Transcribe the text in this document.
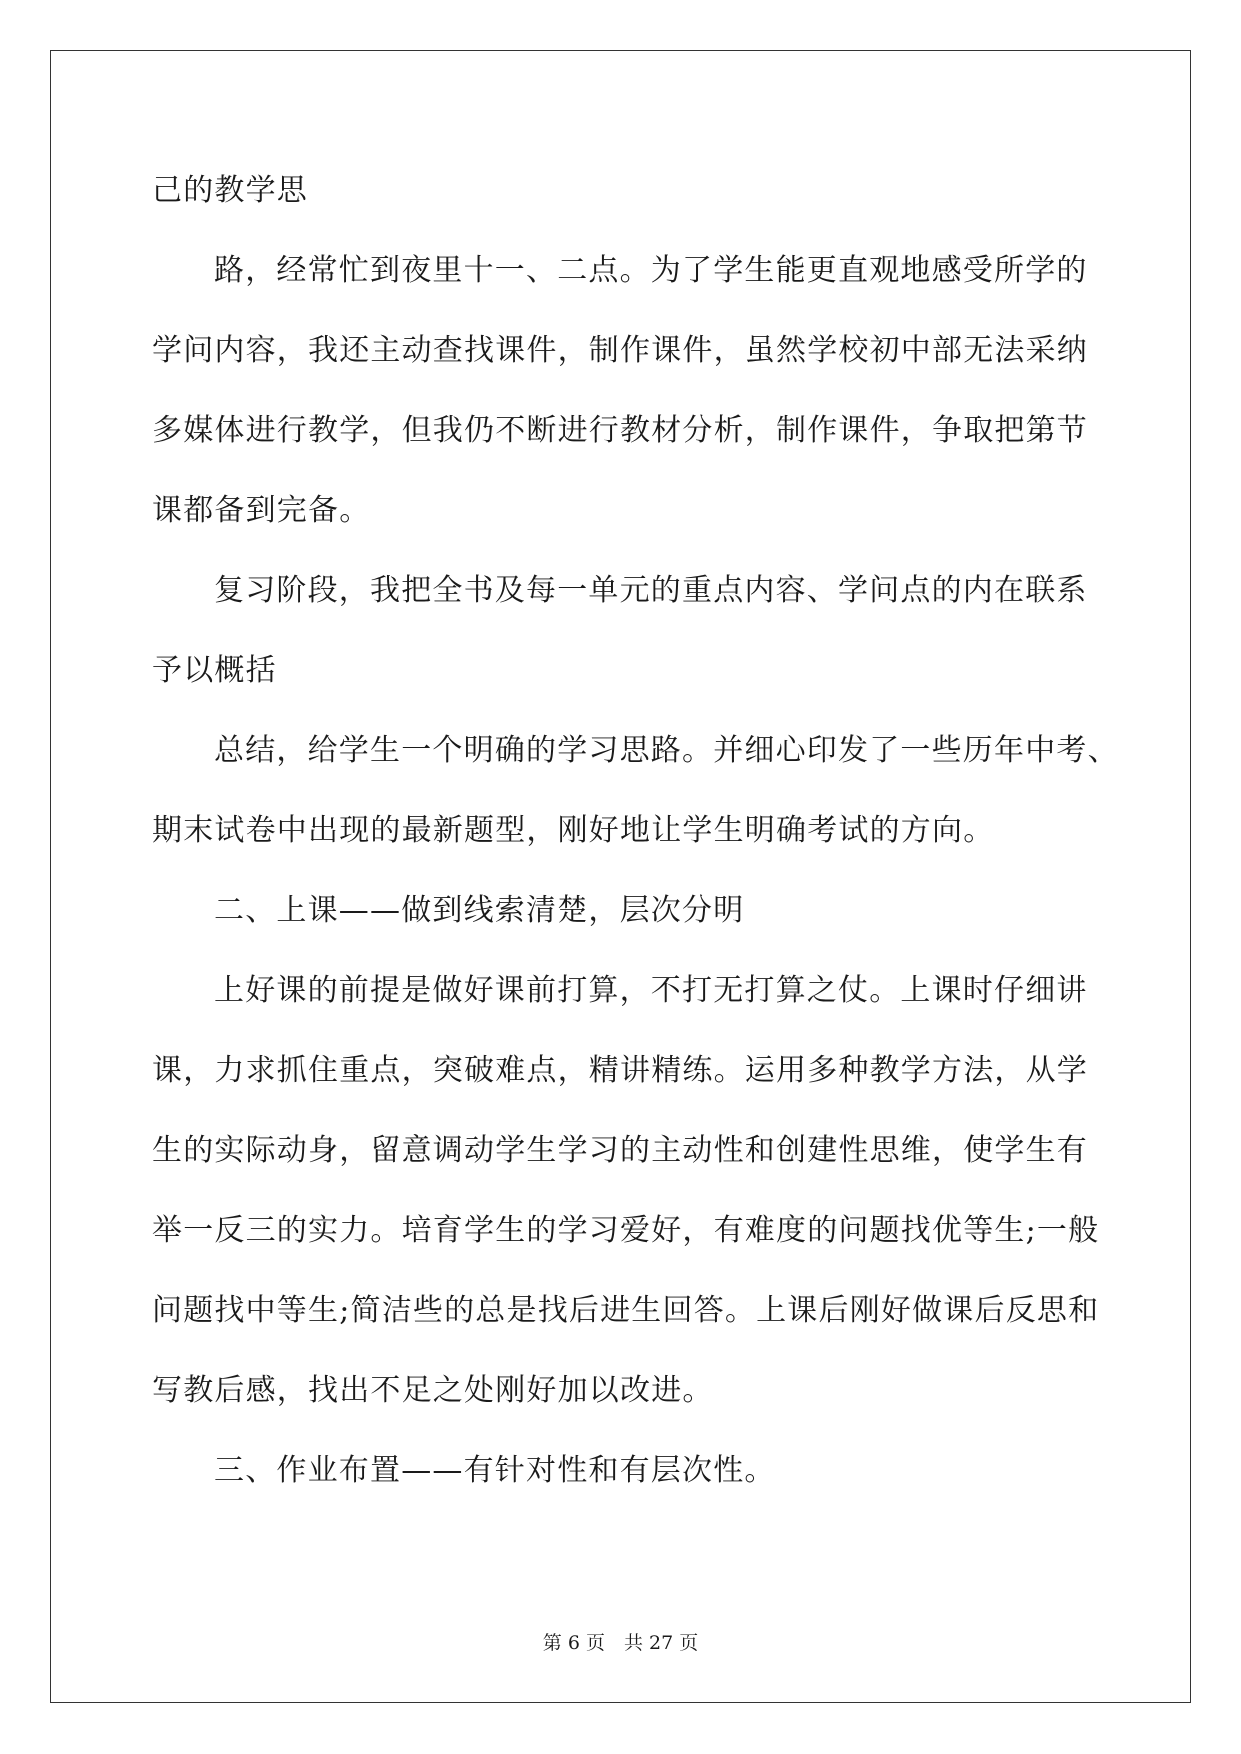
己的教学思
路，经常忙到夜里十一、二点。为了学生能更直观地感受所学的
学问内容，我还主动查找课件，制作课件，虽然学校初中部无法采纳
多媒体进行教学，但我仍不断进行教材分析，制作课件，争取把第节
课都备到完备。
复习阶段，我把全书及每一单元的重点内容、学问点的内在联系
予以概括
总结，给学生一个明确的学习思路。并细心印发了一些历年中考、
期末试卷中出现的最新题型，刚好地让学生明确考试的方向。
二、上课——做到线索清楚，层次分明
上好课的前提是做好课前打算，不打无打算之仗。上课时仔细讲
课，力求抓住重点，突破难点，精讲精练。运用多种教学方法，从学
生的实际动身，留意调动学生学习的主动性和创建性思维，使学生有
举一反三的实力。培育学生的学习爱好，有难度的问题找优等生;一般
问题找中等生;简洁些的总是找后进生回答。上课后刚好做课后反思和
写教后感，找出不足之处刚好加以改进。
三、作业布置——有针对性和有层次性。
第 6 页　共 27 页
